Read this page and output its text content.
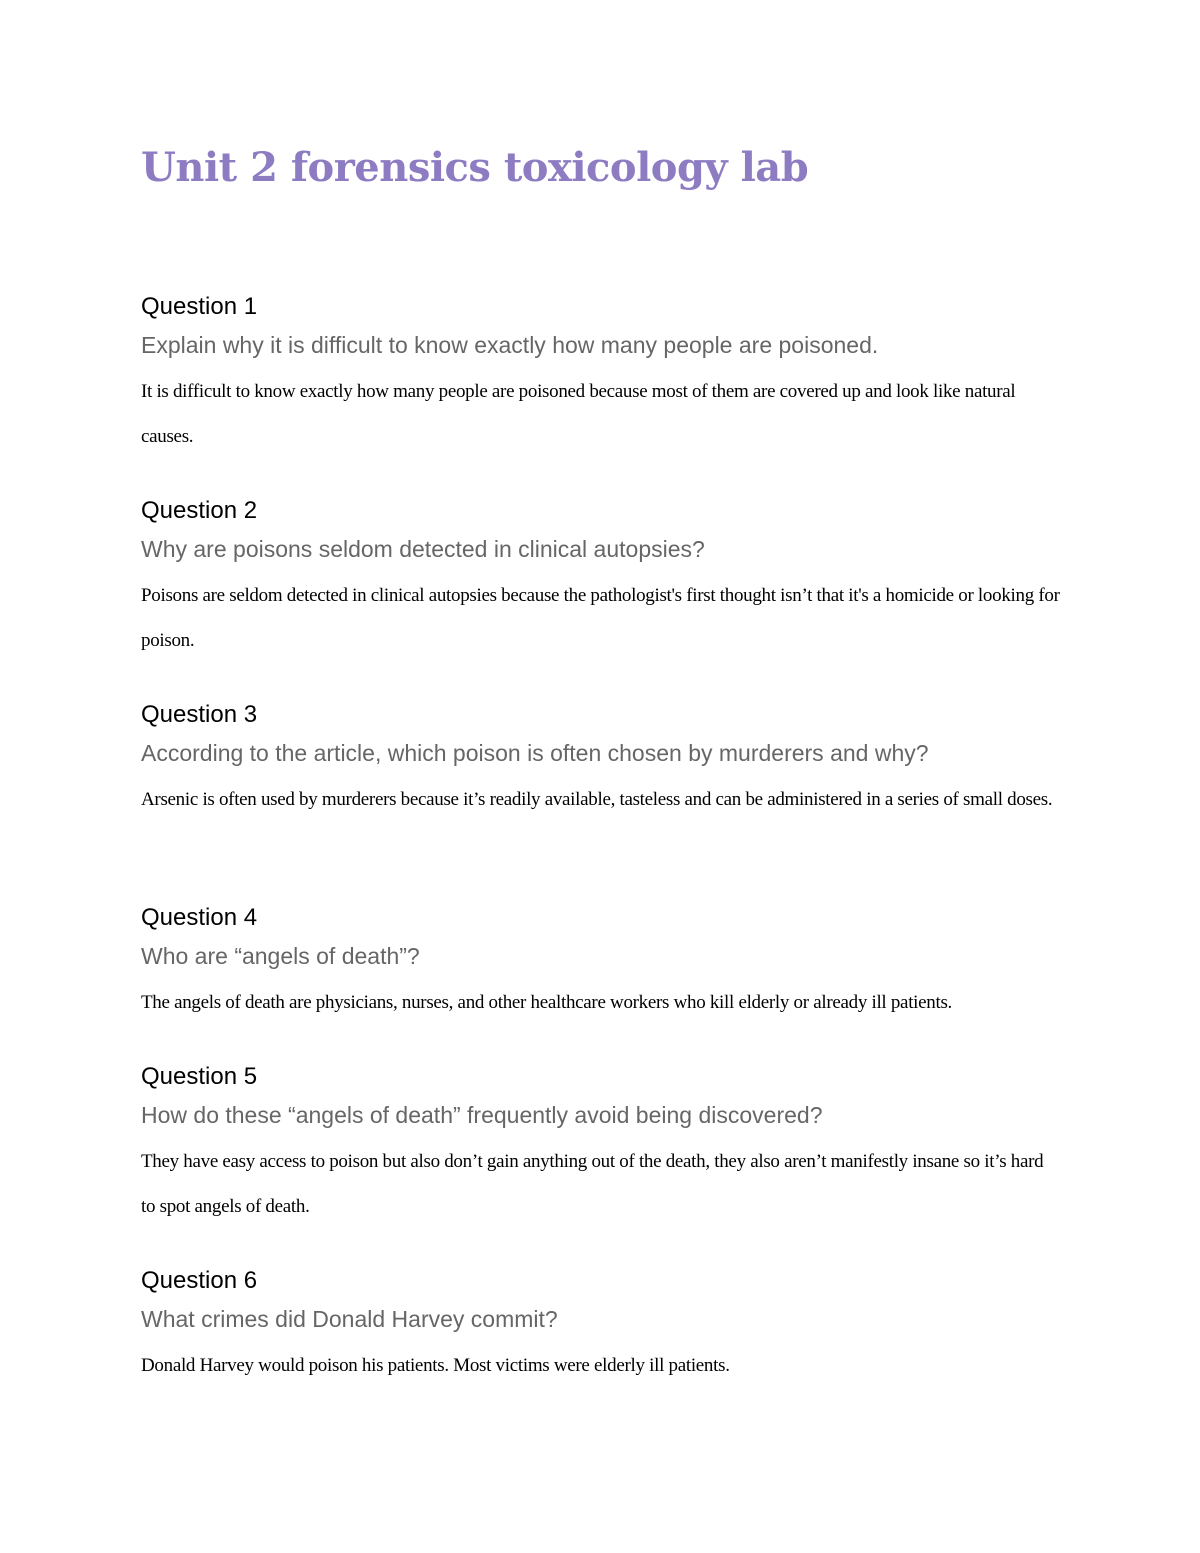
Unit 2 forensics toxicology lab

Question 1

Explain why it is difficult to know exactly how many people are poisoned.

It is difficult to know exactly how many people are poisoned because most of them are covered up and look like natural causes.

Question 2

Why are poisons seldom detected in clinical autopsies?

Poisons are seldom detected in clinical autopsies because the pathologist's first thought isn’t that it's a homicide or looking for poison.

Question 3

According to the article, which poison is often chosen by murderers and why?

Arsenic is often used by murderers because it’s readily available, tasteless and can be administered in a series of small doses.

Question 4

Who are “angels of death”?

The angels of death are physicians, nurses, and other healthcare workers who kill elderly or already ill patients.

Question 5

How do these “angels of death” frequently avoid being discovered?

They have easy access to poison but also don’t gain anything out of the death, they also aren’t manifestly insane so it’s hard to spot angels of death.

Question 6

What crimes did Donald Harvey commit?

Donald Harvey would poison his patients. Most victims were elderly ill patients.
